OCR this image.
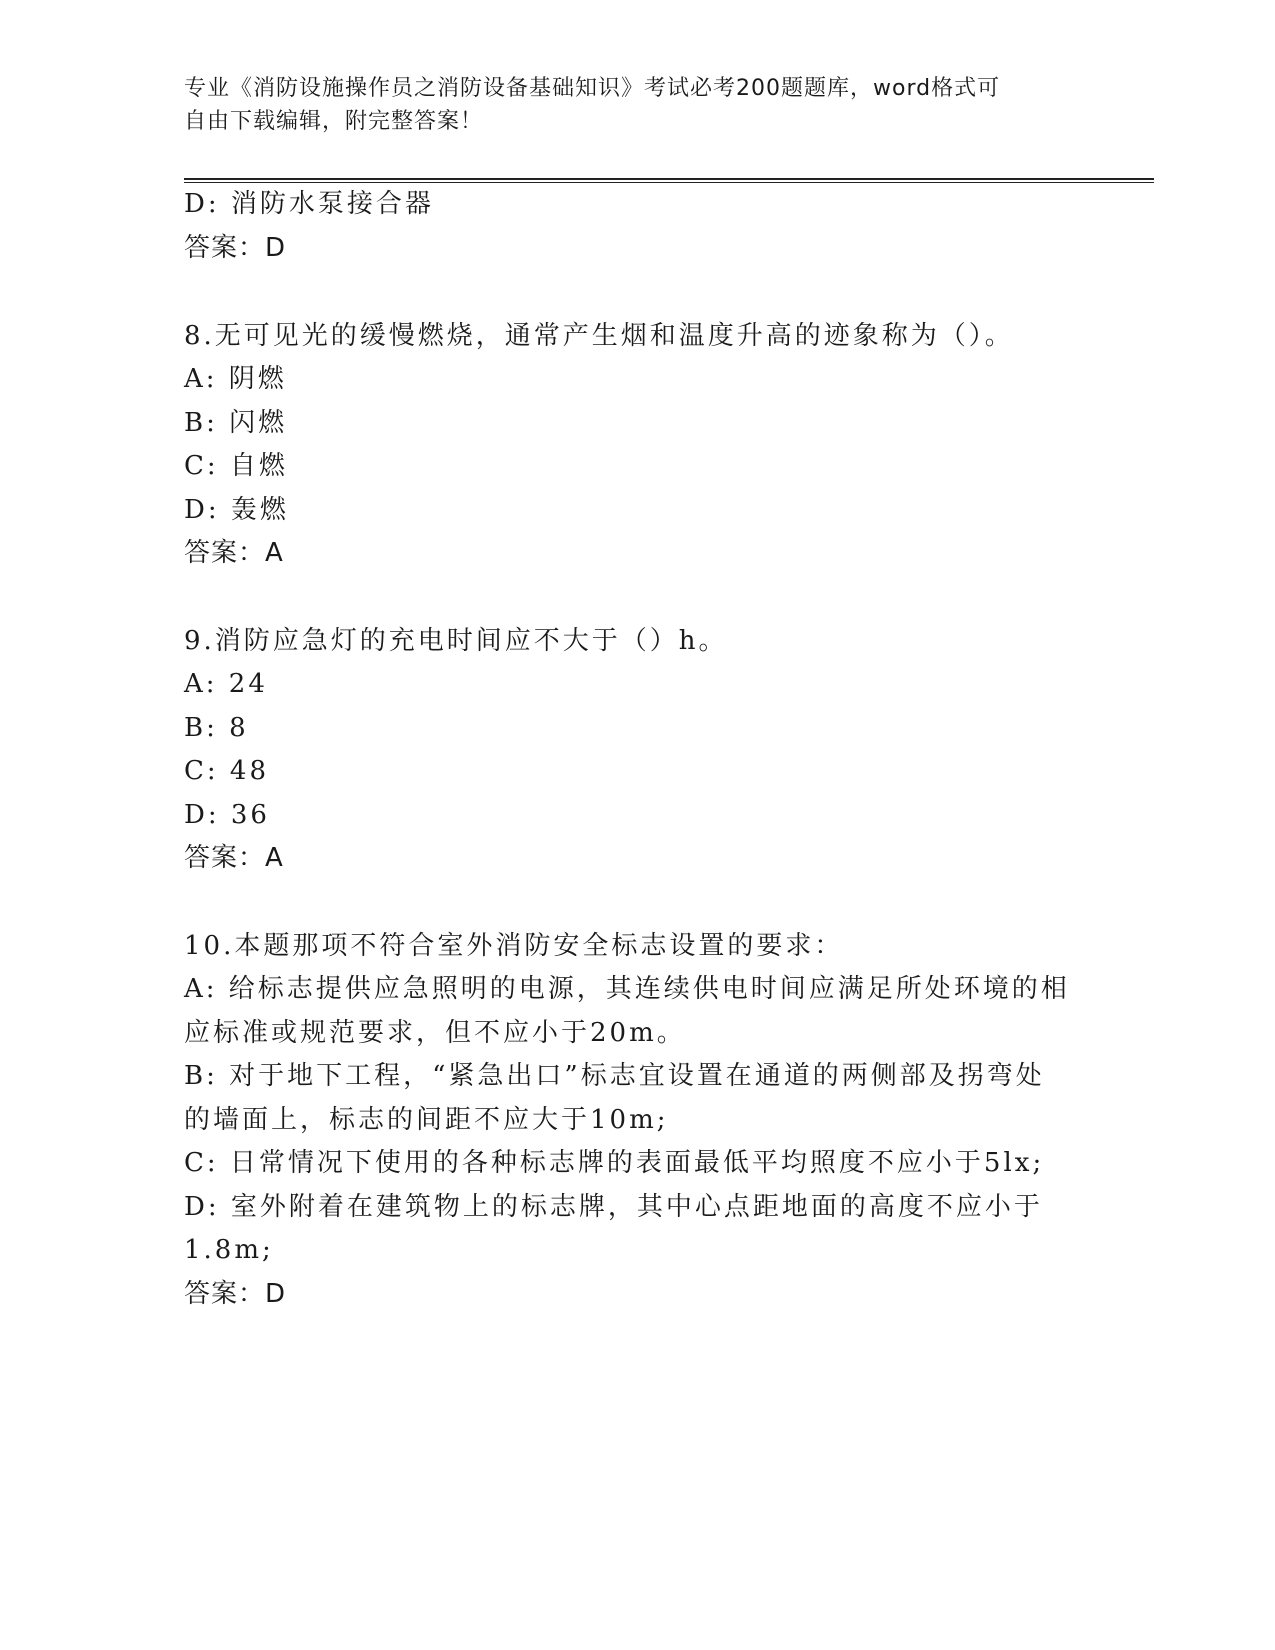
专业《消防设施操作员之消防设备基础知识》考试必考200题题库，word格式可
自由下载编辑，附完整答案！
D: 消防水泵接合器
答案：D
8.无可见光的缓慢燃烧，通常产生烟和温度升高的迹象称为（）。
A: 阴燃
B: 闪燃
C: 自燃
D: 轰燃
答案：A
9.消防应急灯的充电时间应不大于（）h。
A: 24
B: 8
C: 48
D: 36
答案：A
10.本题那项不符合室外消防安全标志设置的要求：
A: 给标志提供应急照明的电源，其连续供电时间应满足所处环境的相
应标准或规范要求，但不应小于20m。
B: 对于地下工程，“紧急出口”标志宜设置在通道的两侧部及拐弯处
的墙面上，标志的间距不应大于10m;
C: 日常情况下使用的各种标志牌的表面最低平均照度不应小于5lx;
D: 室外附着在建筑物上的标志牌，其中心点距地面的高度不应小于
1.8m;
答案：D
